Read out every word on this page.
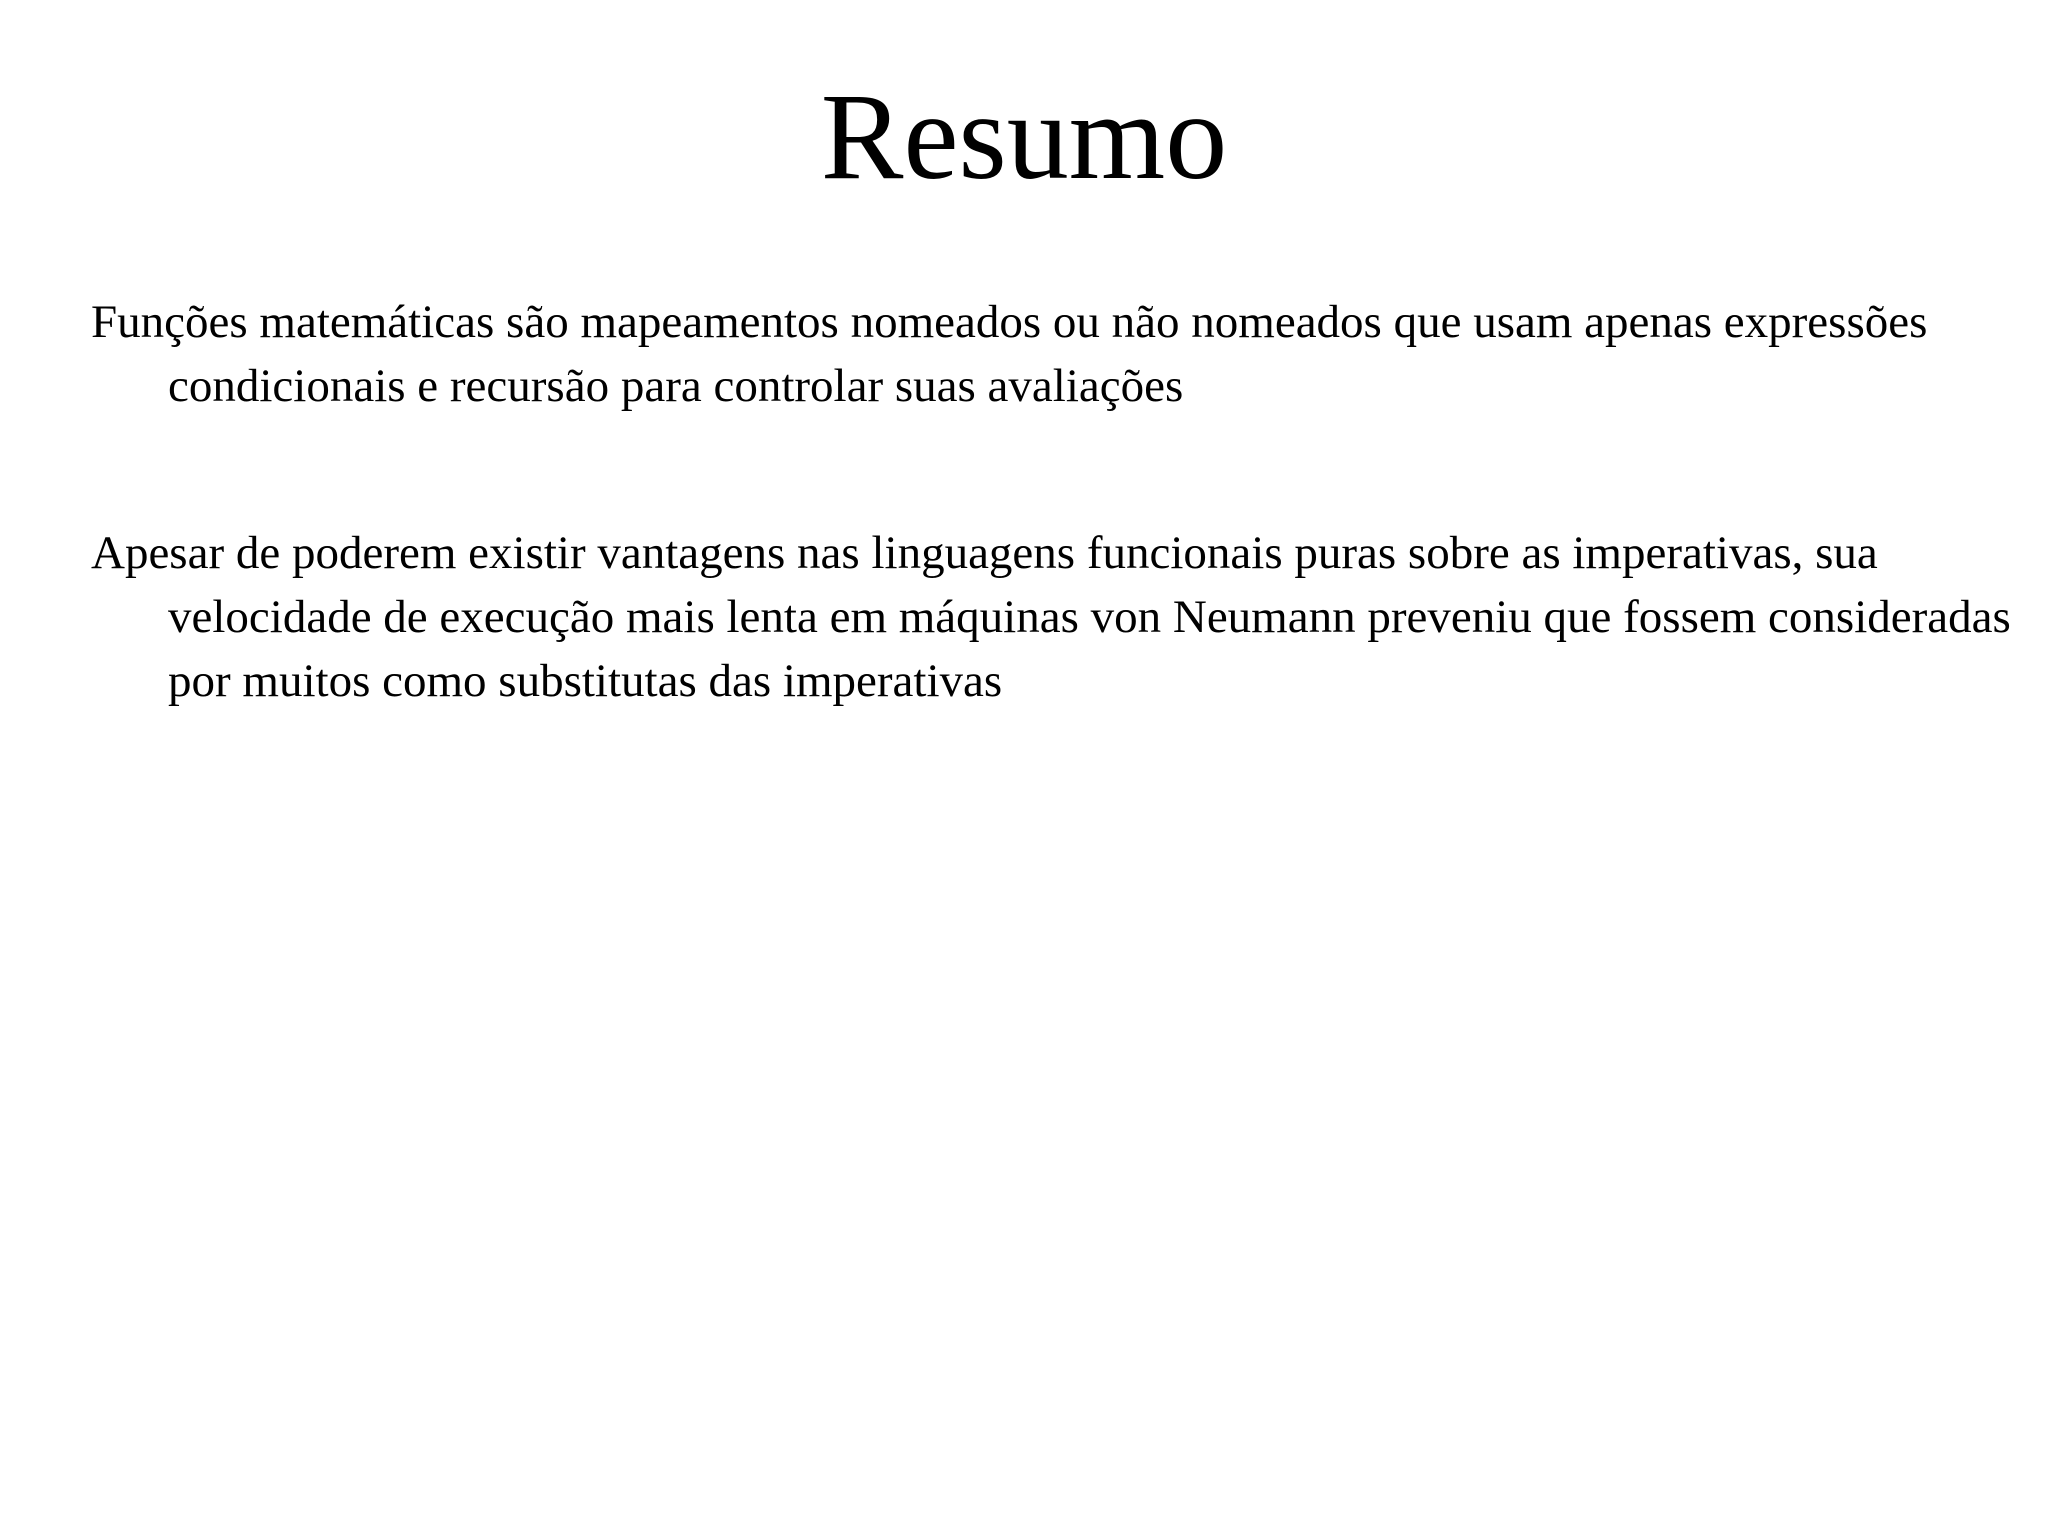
Resumo
Funções matemáticas são mapeamentos nomeados ou não nomeados que usam apenas expressões condicionais e recursão para controlar suas avaliações
Apesar de poderem existir vantagens nas linguagens funcionais puras sobre as imperativas, sua velocidade de execução mais lenta em máquinas von Neumann preveniu que fossem consideradas por muitos como substitutas das imperativas
